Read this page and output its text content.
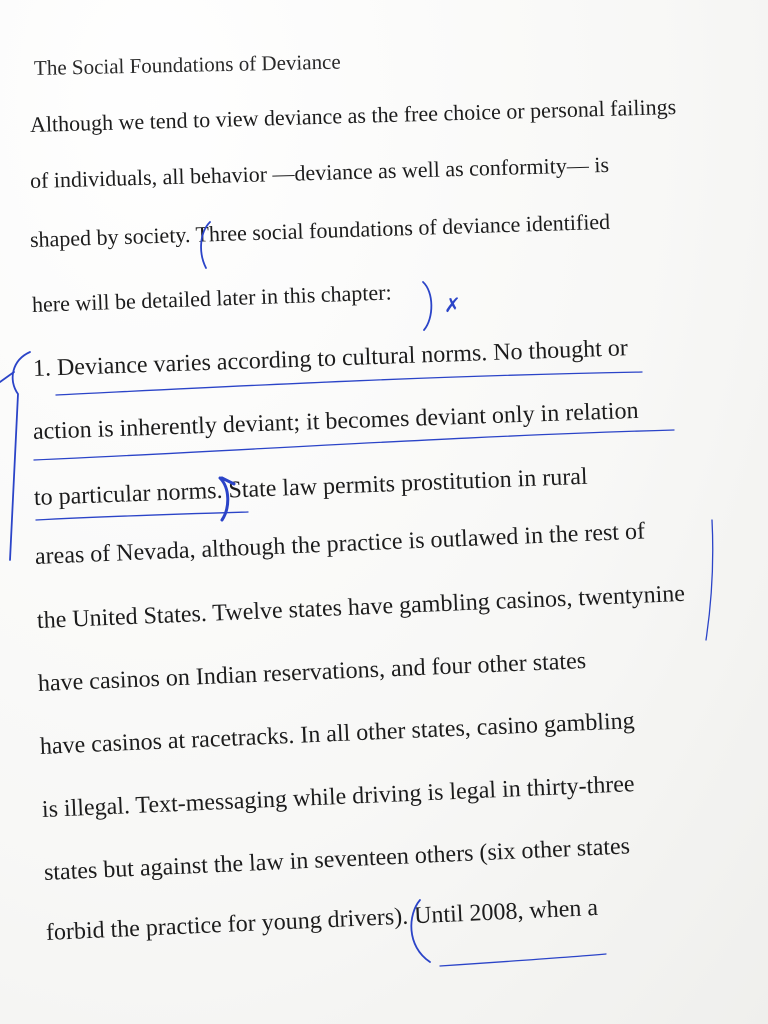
The Social Foundations of Deviance
Although we tend to view deviance as the free choice or personal failings
of individuals, all behavior —deviance as well as conformity— is
shaped by society. Three social foundations of deviance identified
here will be detailed later in this chapter:
1. Deviance varies according to cultural norms. No thought or
action is inherently deviant; it becomes deviant only in relation
to particular norms. State law permits prostitution in rural
areas of Nevada, although the practice is outlawed in the rest of
the United States. Twelve states have gambling casinos, twentynine
have casinos on Indian reservations, and four other states
have casinos at racetracks. In all other states, casino gambling
is illegal. Text-messaging while driving is legal in thirty-three
states but against the law in seventeen others (six other states
forbid the practice for young drivers). Until 2008, when a
✗
